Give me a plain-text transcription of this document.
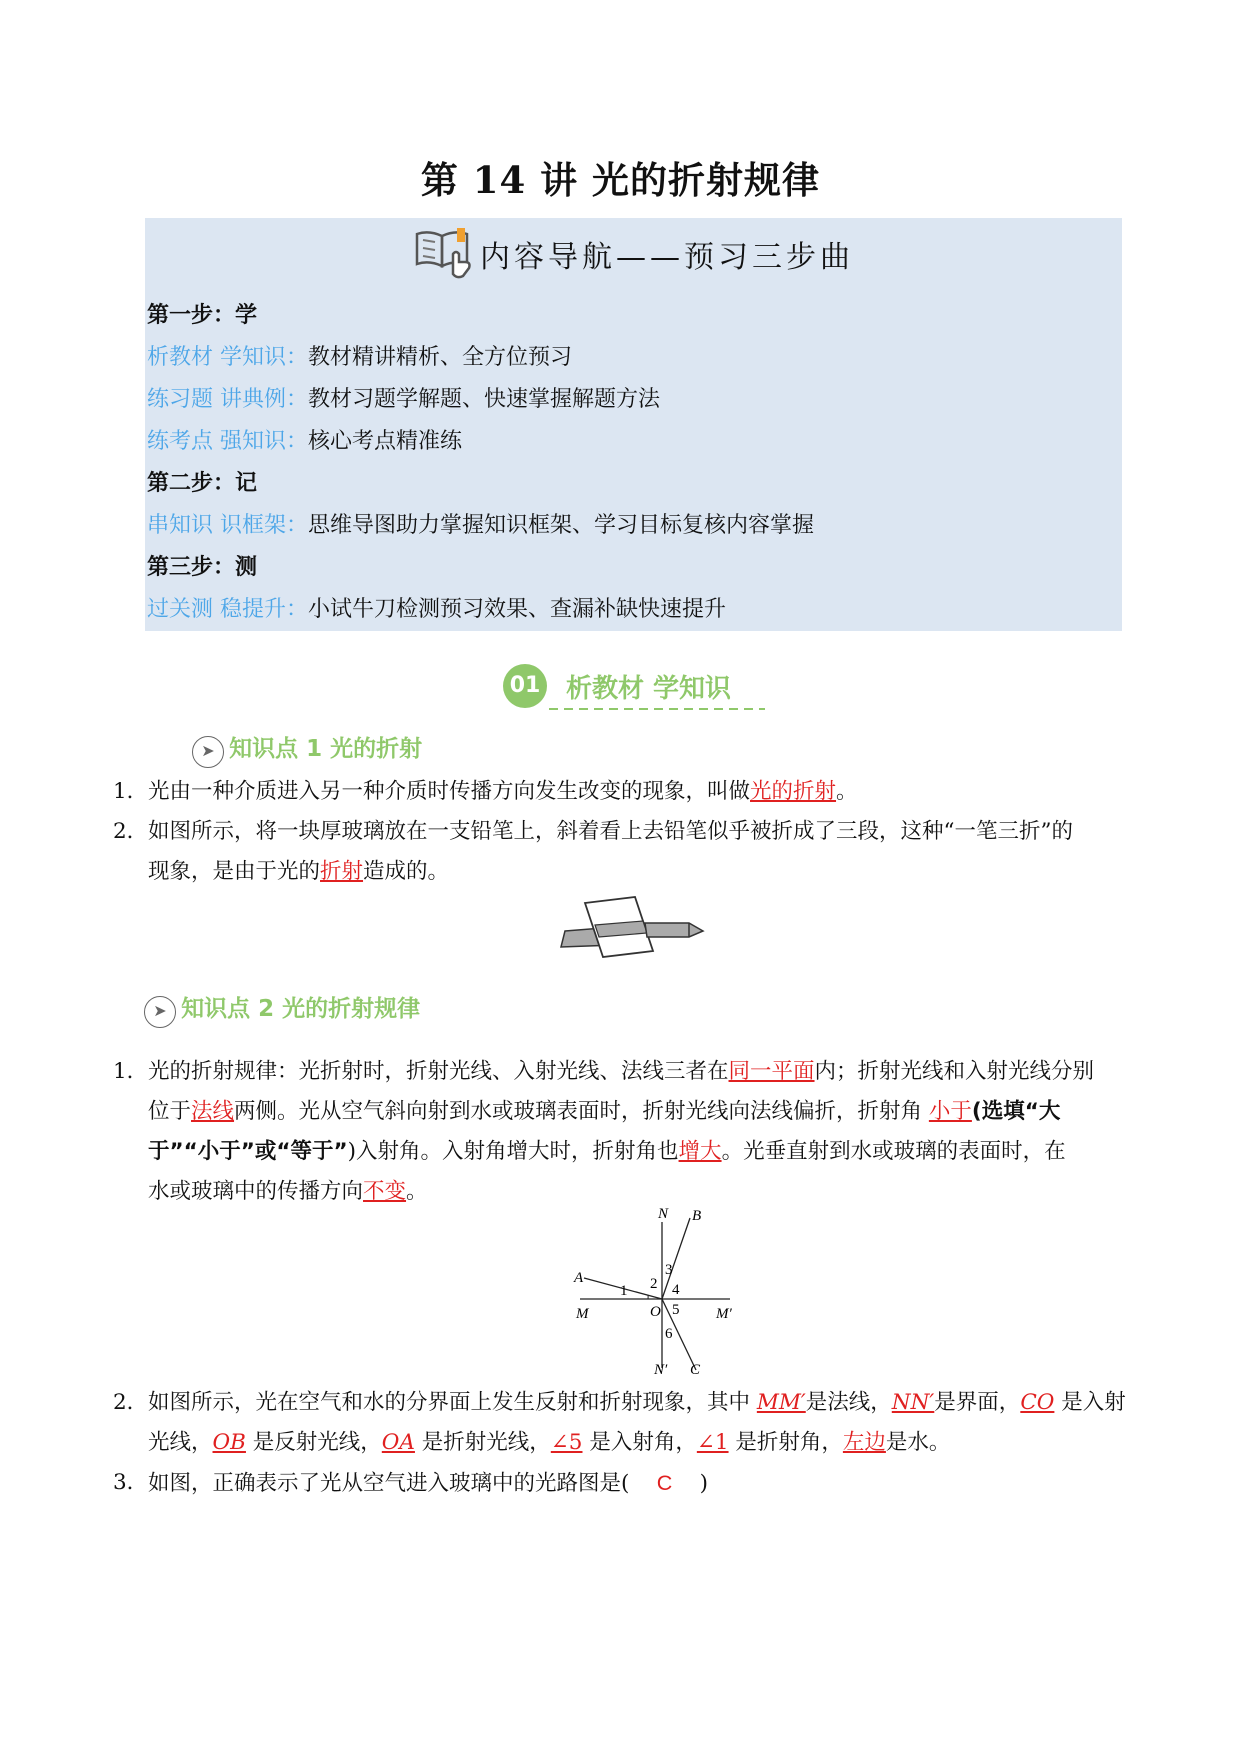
第 14 讲 光的折射规律
内容导航——预习三步曲
第一步：学
析教材 学知识：教材精讲精析、全方位预习
练习题 讲典例：教材习题学解题、快速掌握解题方法
练考点 强知识：核心考点精准练
第二步：记
串知识 识框架：思维导图助力掌握知识框架、学习目标复核内容掌握
第三步：测
过关测 稳提升：小试牛刀检测预习效果、查漏补缺快速提升
01 析教材 学知识
➤ 知识点 1 光的折射
1． 光由一种介质进入另一种介质时传播方向发生改变的现象，叫做光的折射。
2． 如图所示，将一块厚玻璃放在一支铅笔上，斜着看上去铅笔似乎被折成了三段，这种“一笔三折”的
现象，是由于光的折射造成的。
➤ 知识点 2 光的折射规律
1． 光的折射规律：光折射时，折射光线、入射光线、法线三者在同一平面内；折射光线和入射光线分别
位于法线两侧。光从空气斜向射到水或玻璃表面时，折射光线向法线偏折，折射角 小于(选填“大
于”“小于”或“等于”)入射角。入射角增大时，折射角也增大。光垂直射到水或玻璃的表面时，在
水或玻璃中的传播方向不变。
N B
A
M	O	M′
N′ C
1 2
3
4
5
6
2． 如图所示，光在空气和水的分界面上发生反射和折射现象，其中 MM′是法线，NN′是界面，CO 是入射
光线，OB 是反射光线，OA 是折射光线，∠5 是入射角，∠1 是折射角，左边是水。
3． 如图，正确表示了光从空气进入玻璃中的光路图是(    C    )
